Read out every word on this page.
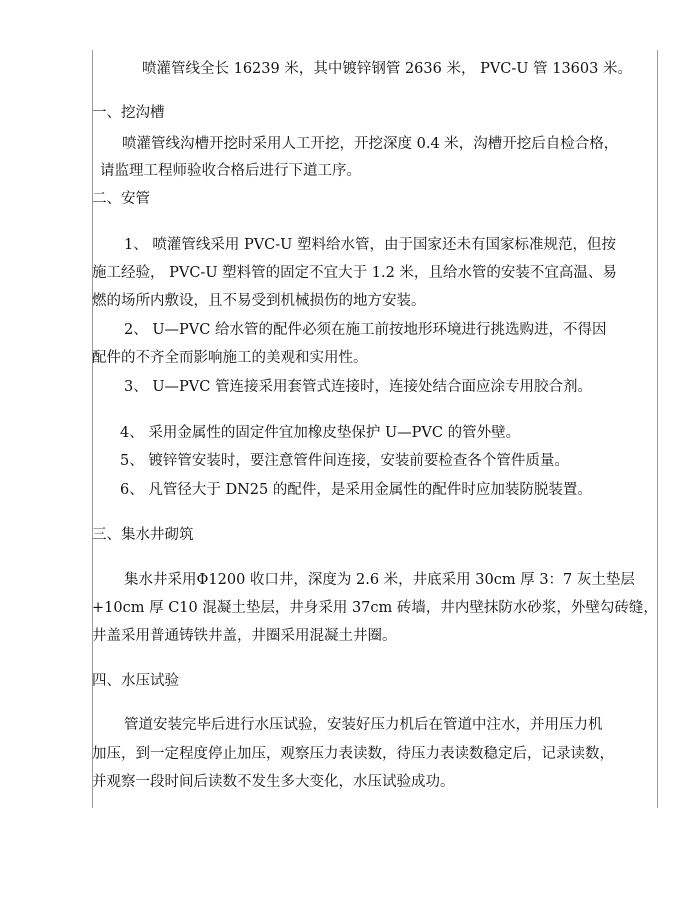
喷灌管线全长 16239 米，其中镀锌钢管 2636 米， PVC-U 管 13603 米。
一、挖沟槽
喷灌管线沟槽开挖时采用人工开挖，开挖深度 0.4 米，沟槽开挖后自检合格，
请监理工程师验收合格后进行下道工序。
二、安管
1、 喷灌管线采用 PVC-U 塑料给水管，由于国家还未有国家标准规范，但按
施工经验， PVC-U 塑料管的固定不宜大于 1.2 米，且给水管的安装不宜高温、易
燃的场所内敷设，且不易受到机械损伤的地方安装。
2、 U—PVC 给水管的配件必须在施工前按地形环境进行挑选购进，不得因
配件的不齐全而影响施工的美观和实用性。
3、 U—PVC 管连接采用套管式连接时，连接处结合面应涂专用胶合剂。
4、 采用金属性的固定件宜加橡皮垫保护 U—PVC 的管外壁。
5、 镀锌管安装时，要注意管件间连接，安装前要检查各个管件质量。
6、 凡管径大于 DN25 的配件，是采用金属性的配件时应加装防脱装置。
三、集水井砌筑
集水井采用Φ1200 收口井，深度为 2.6 米，井底采用 30cm 厚 3：7 灰土垫层
+10cm 厚 C10 混凝土垫层，井身采用 37cm 砖墙，井内壁抹防水砂浆，外壁勾砖缝，
井盖采用普通铸铁井盖，井圈采用混凝土井圈。
四、水压试验
管道安装完毕后进行水压试验，安装好压力机后在管道中注水，并用压力机
加压，到一定程度停止加压，观察压力表读数，待压力表读数稳定后，记录读数，
并观察一段时间后读数不发生多大变化，水压试验成功。
